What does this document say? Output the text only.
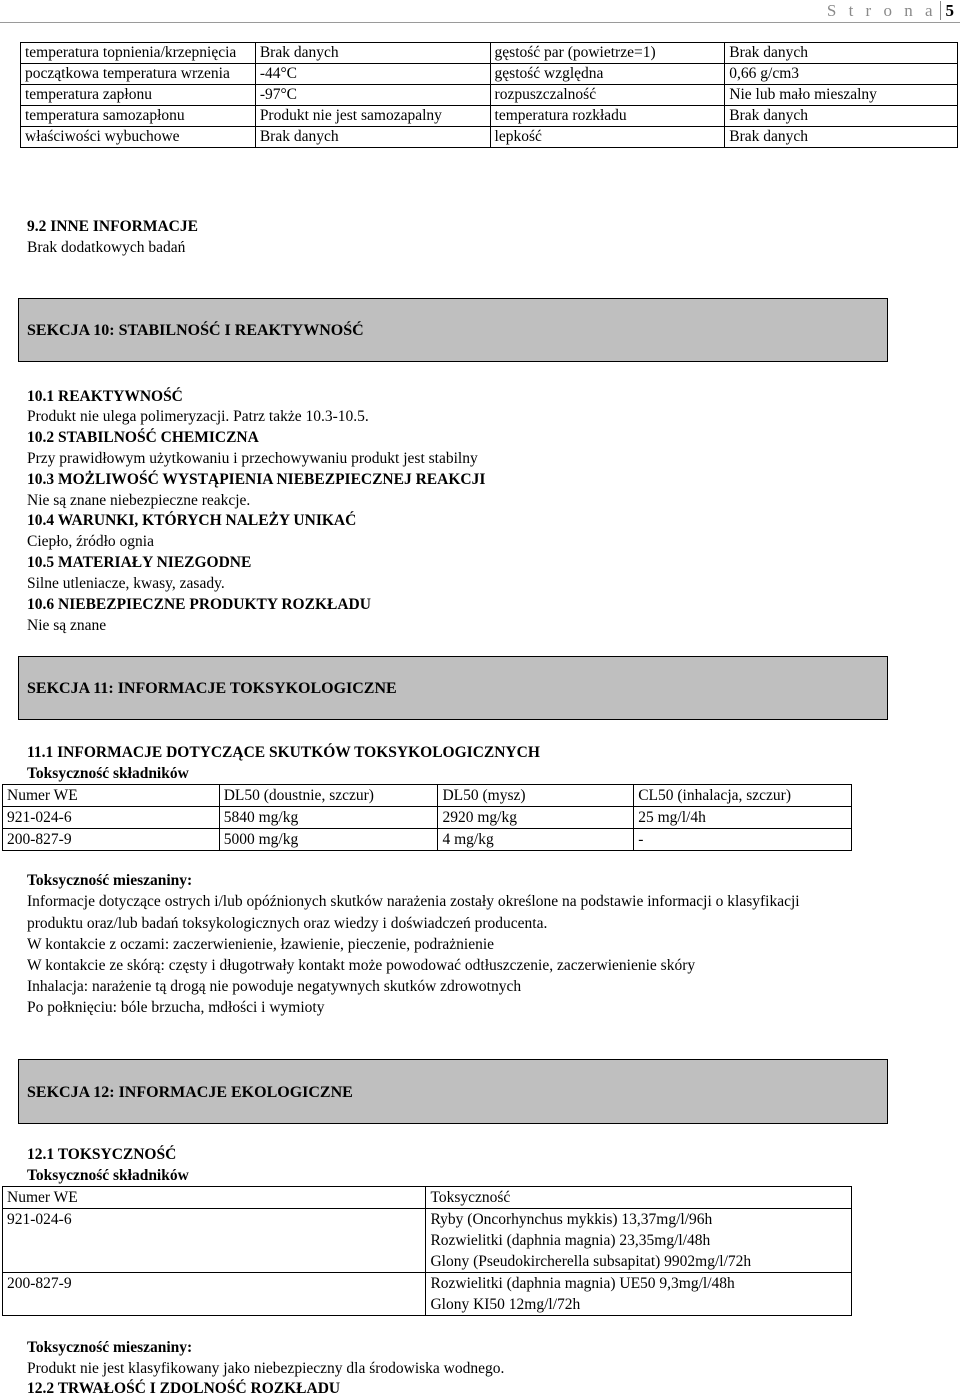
S t r o n a 5
temperatura topnienia/krzepnięcia	Brak danych	gęstość par (powietrze=1)	Brak danych
początkowa temperatura wrzenia	-44°C	gęstość względna	0,66 g/cm3
temperatura zapłonu	-97°C	rozpuszczalność	Nie lub mało mieszalny
temperatura samozapłonu	Produkt nie jest samozapalny	temperatura rozkładu	Brak danych
właściwości wybuchowe	Brak danych	lepkość	Brak danych
9.2 INNE INFORMACJE
Brak dodatkowych badań
SEKCJA 10: STABILNOŚĆ I REAKTYWNOŚĆ
10.1 REAKTYWNOŚĆ
Produkt nie ulega polimeryzacji. Patrz także 10.3-10.5.
10.2 STABILNOŚĆ CHEMICZNA
Przy prawidłowym użytkowaniu i przechowywaniu produkt jest stabilny
10.3 MOŻLIWOŚĆ WYSTĄPIENIA NIEBEZPIECZNEJ REAKCJI
Nie są znane niebezpieczne reakcje.
10.4 WARUNKI, KTÓRYCH NALEŻY UNIKAĆ
Ciepło, źródło ognia
10.5 MATERIAŁY NIEZGODNE
Silne utleniacze, kwasy, zasady.
10.6 NIEBEZPIECZNE PRODUKTY ROZKŁADU
Nie są znane
SEKCJA 11: INFORMACJE TOKSYKOLOGICZNE
11.1 INFORMACJE DOTYCZĄCE SKUTKÓW TOKSYKOLOGICZNYCH
Toksyczność składników
Numer WE	DL50 (doustnie, szczur)	DL50 (mysz)	CL50 (inhalacja, szczur)
921-024-6	5840 mg/kg	2920 mg/kg	25 mg/l/4h
200-827-9	5000 mg/kg	4 mg/kg	-
Toksyczność mieszaniny:
Informacje dotyczące ostrych i/lub opóźnionych skutków narażenia zostały określone na podstawie informacji o klasyfikacji
produktu oraz/lub badań toksykologicznych oraz wiedzy i doświadczeń producenta.
W kontakcie z oczami: zaczerwienienie, łzawienie, pieczenie, podrażnienie
W kontakcie ze skórą: częsty i długotrwały kontakt może powodować odtłuszczenie, zaczerwienienie skóry
Inhalacja: narażenie tą drogą nie powoduje negatywnych skutków zdrowotnych
Po połknięciu: bóle brzucha, mdłości i wymioty
SEKCJA 12: INFORMACJE EKOLOGICZNE
12.1 TOKSYCZNOŚĆ
Toksyczność składników
Numer WE	Toksyczność
921-024-6	Ryby (Oncorhynchus mykkis) 13,37mg/l/96h
Rozwielitki (daphnia magnia) 23,35mg/l/48h
Glony (Pseudokircherella subsapitat) 9902mg/l/72h

200-827-9	Rozwielitki (daphnia magnia) UE50 9,3mg/l/48h
Glony KI50 12mg/l/72h
Toksyczność mieszaniny:
Produkt nie jest klasyfikowany jako niebezpieczny dla środowiska wodnego.
12.2 TRWAŁOŚĆ I ZDOLNOŚĆ ROZKŁADU
